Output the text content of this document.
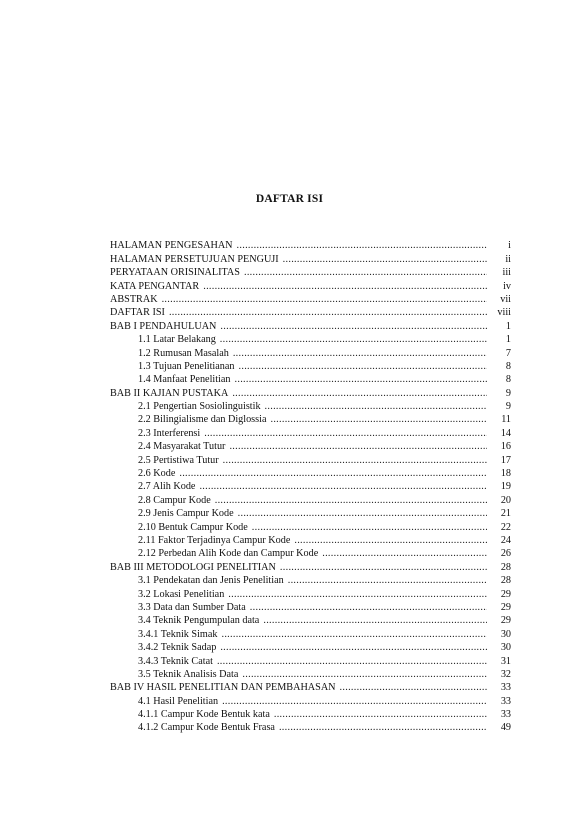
DAFTAR ISI
HALAMAN PENGESAHAN .....	i
HALAMAN PERSETUJUAN PENGUJI .....	ii
PERYATAAN ORISINALITAS .....	iii
KATA PENGANTAR .....	iv
ABSTRAK .....	vii
DAFTAR ISI .....	viii
BAB I PENDAHULUAN .....	1
1.1 Latar Belakang .....	1
1.2 Rumusan Masalah .....	7
1.3 Tujuan Penelitianan .....	8
1.4 Manfaat Penelitian .....	8
BAB II KAJIAN PUSTAKA .....	9
2.1 Pengertian Sosiolinguistik .....	9
2.2 Bilingialisme dan Diglossia .....	11
2.3 Interferensi .....	14
2.4 Masyarakat Tutur .....	16
2.5 Pertistiwa Tutur .....	17
2.6 Kode .....	18
2.7 Alih Kode .....	19
2.8 Campur Kode .....	20
2.9 Jenis Campur Kode .....	21
2.10 Bentuk Campur Kode .....	22
2.11 Faktor Terjadinya Campur Kode .....	24
2.12 Perbedan Alih Kode dan Campur Kode .....	26
BAB III METODOLOGI PENELITIAN .....	28
3.1 Pendekatan dan Jenis Penelitian .....	28
3.2 Lokasi Penelitian .....	29
3.3 Data dan Sumber Data .....	29
3.4 Teknik Pengumpulan data .....	29
3.4.1 Teknik Simak .....	30
3.4.2 Teknik Sadap .....	30
3.4.3 Teknik Catat .....	31
3.5 Teknik Analisis Data .....	32
BAB IV HASIL PENELITIAN DAN PEMBAHASAN .....	33
4.1 Hasil Penelitian .....	33
4.1.1 Campur Kode Bentuk kata .....	33
4.1.2 Campur Kode Bentuk Frasa .....	49
